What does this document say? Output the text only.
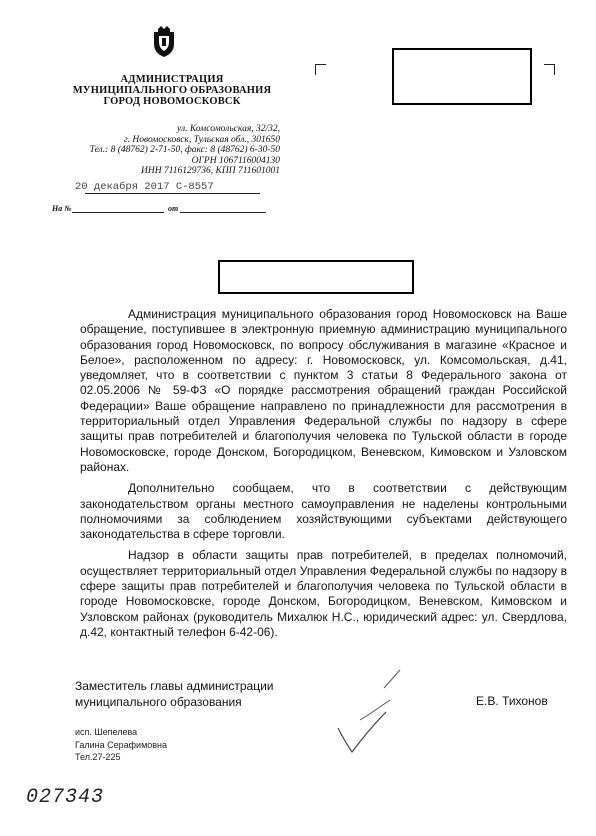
АДМИНИСТРАЦИЯ
МУНИЦИПАЛЬНОГО ОБРАЗОВАНИЯ
ГОРОД НОВОМОСКОВСК
ул. Комсомольская, 32/32,
г. Новомосковск, Тульская обл., 301650
Тел.: 8 (48762) 2-71-50, факс: 8 (48762) 6-30-50
ОГРН 1067116004130
ИНН 7116129736, КПП 711601001
20 декабря 2017 С-8557
На №	от

Администрация муниципального образования город Новомосковск на Ваше обращение, поступившее в электронную приемную администрацию муниципального образования город Новомосковск, по вопросу обслуживания в магазине «Красное и Белое», расположенном по адресу: г. Новомосковск, ул. Комсомольская, д.41, уведомляет, что в соответствии с пунктом 3 статьи 8 Федерального закона от 02.05.2006 № 59-ФЗ «О порядке рассмотрения обращений граждан Российской Федерации» Ваше обращение направлено по принадлежности для рассмотрения в территориальный отдел Управления Федеральной службы по надзору в сфере защиты прав потребителей и благополучия человека по Тульской области в городе Новомосковске, городе Донском, Богородицком, Веневском, Кимовском и Узловском районах.

Дополнительно сообщаем, что в соответствии с действующим законодательством органы местного самоуправления не наделены контрольными полномочиями за соблюдением хозяйствующими субъектами действующего законодательства в сфере торговли.

Надзор в области защиты прав потребителей, в пределах полномочий, осуществляет территориальный отдел Управления Федеральной службы по надзору в сфере защиты прав потребителей и благополучия человека по Тульской области в городе Новомосковске, городе Донском, Богородицком, Веневском, Кимовском и Узловском районах (руководитель Михалюк Н.С., юридический адрес: ул. Свердлова, д.42, контактный телефон 6-42-06).

Заместитель главы администрации
муниципального образования	Е.В. Тихонов
исп. Шепелева
Галина Серафимовна
Тел.27-225
027343
